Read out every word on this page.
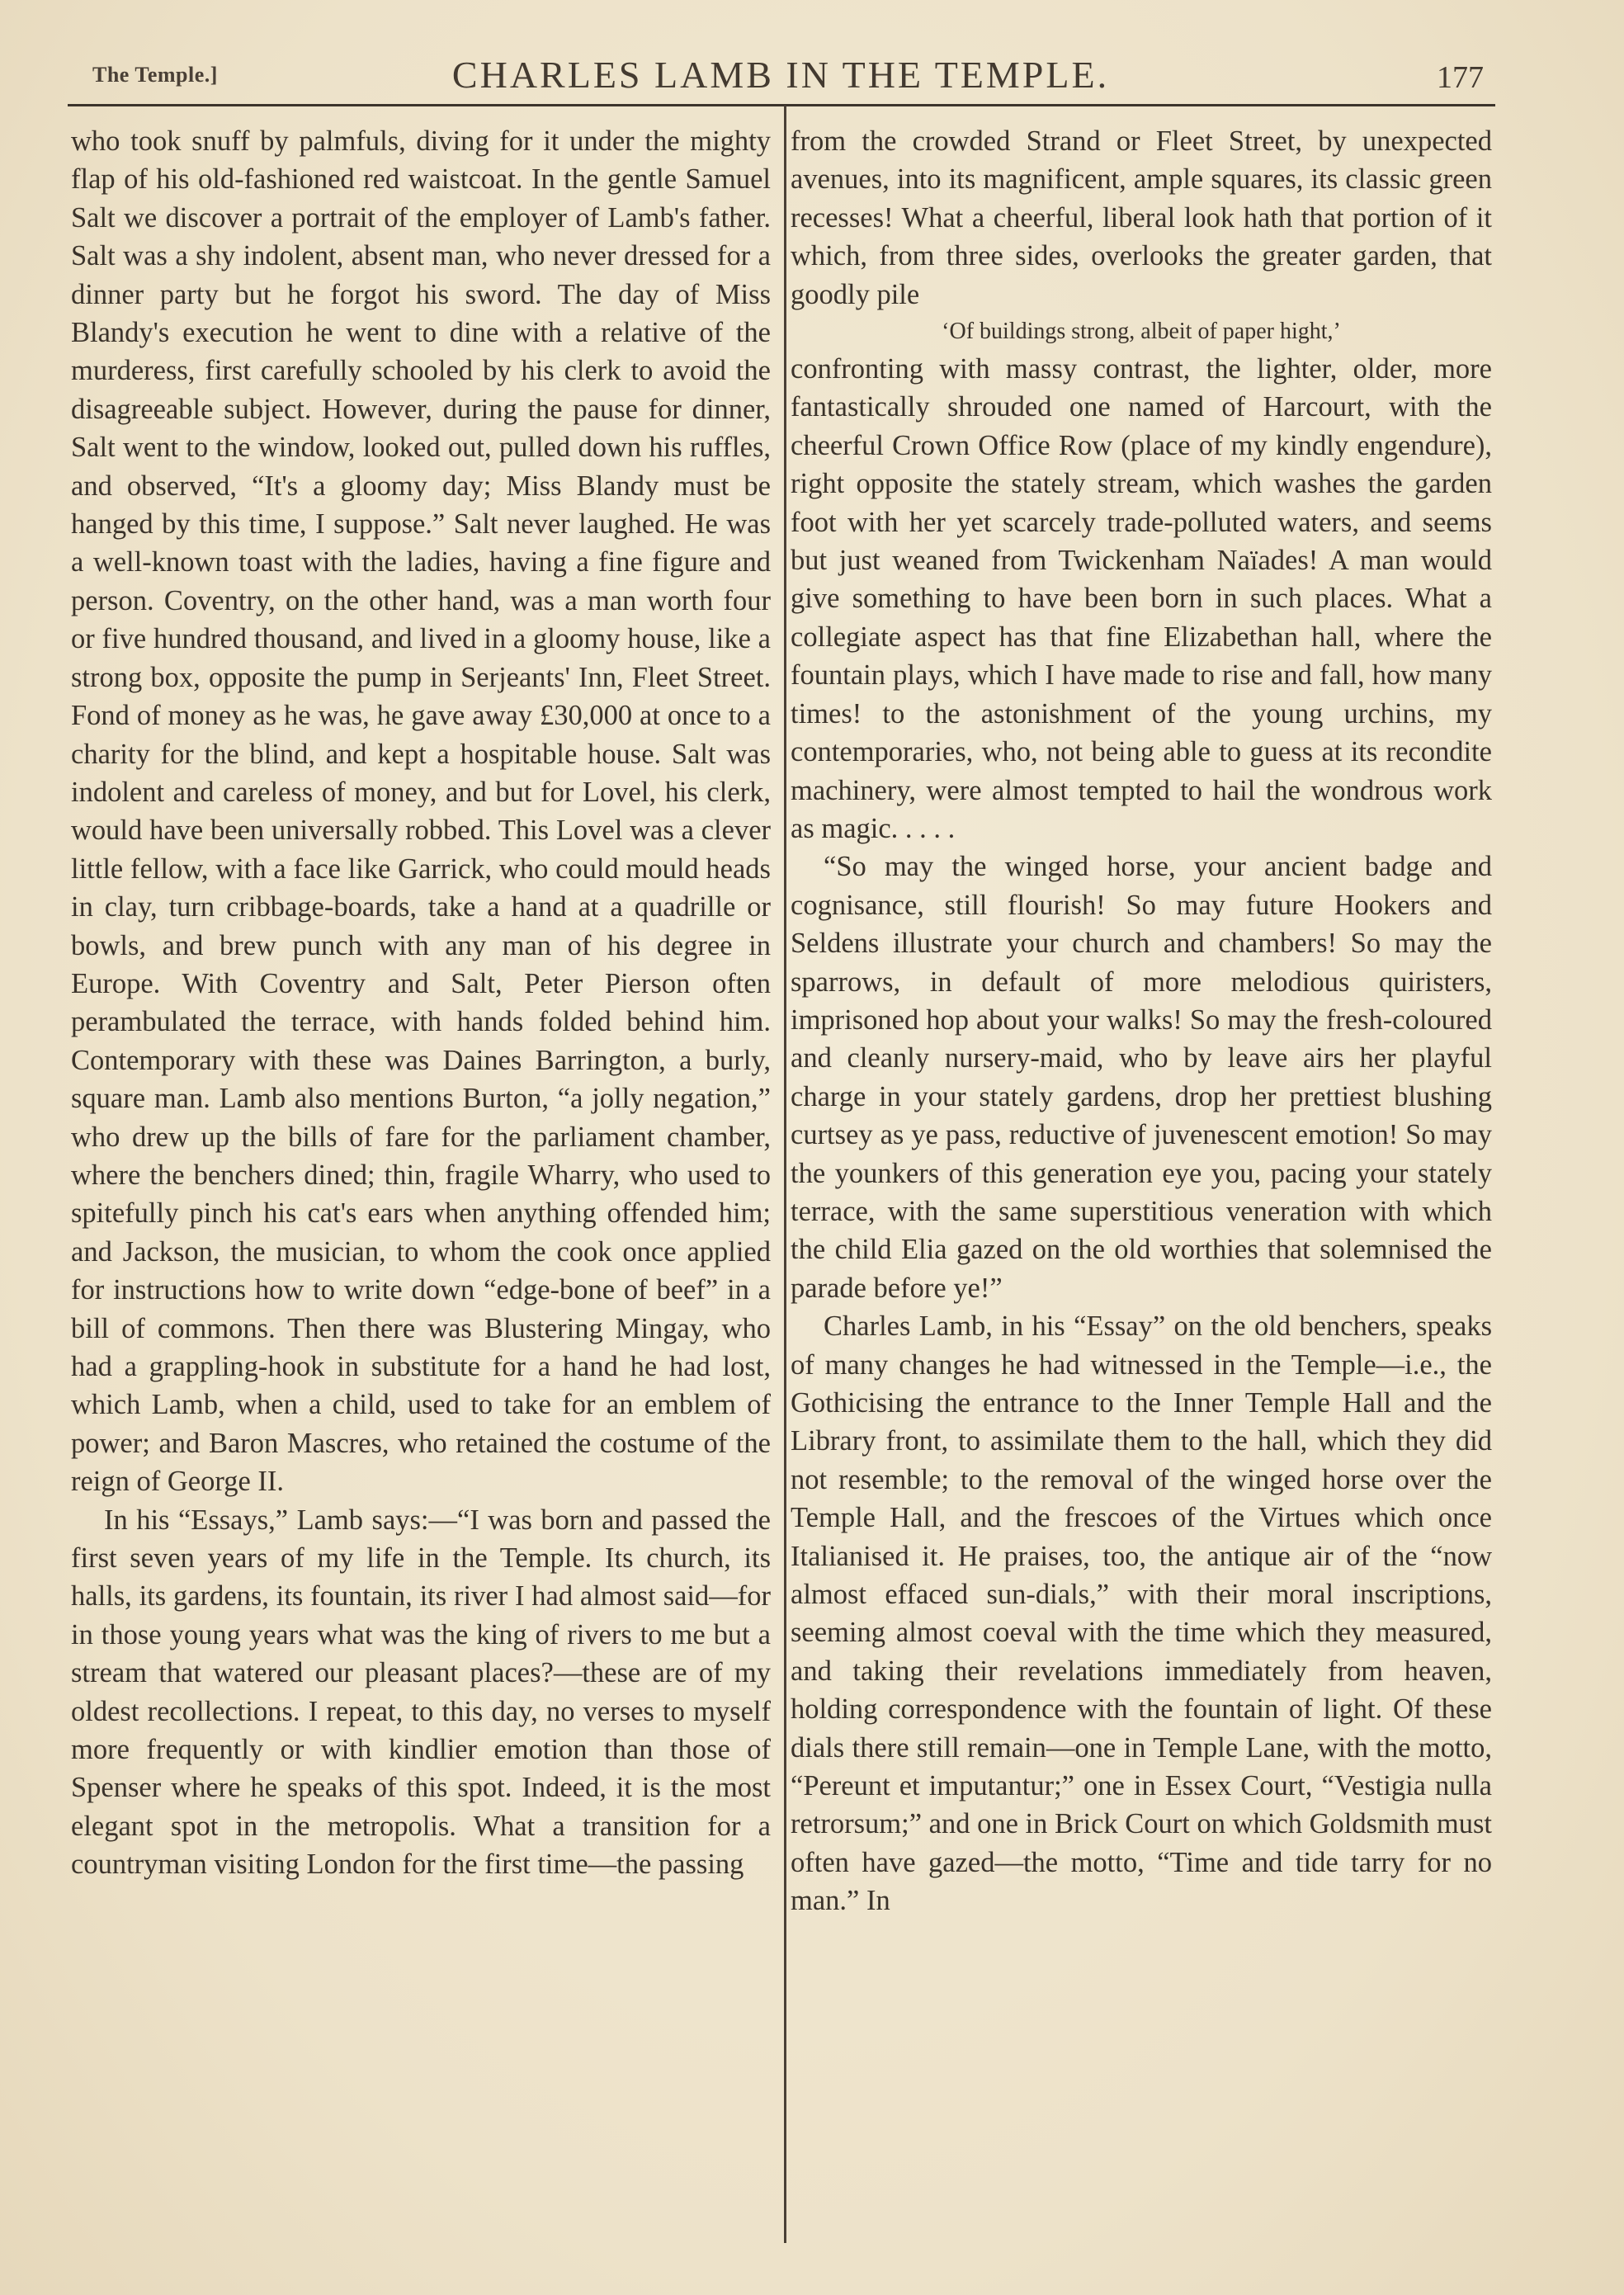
The Temple.]	CHARLES LAMB IN THE TEMPLE.	177

who took snuff by palmfuls, diving for it under the mighty flap of his old-fashioned red waistcoat. In the gentle Samuel Salt we discover a portrait of the employer of Lamb's father. Salt was a shy indolent, absent man, who never dressed for a dinner party but he forgot his sword. The day of Miss Blandy's execution he went to dine with a relative of the murderess, first carefully schooled by his clerk to avoid the disagreeable subject. However, during the pause for dinner, Salt went to the window, looked out, pulled down his ruffles, and observed, “It's a gloomy day; Miss Blandy must be hanged by this time, I suppose.” Salt never laughed. He was a well-known toast with the ladies, having a fine figure and person. Coventry, on the other hand, was a man worth four or five hundred thousand, and lived in a gloomy house, like a strong box, opposite the pump in Serjeants' Inn, Fleet Street. Fond of money as he was, he gave away £30,000 at once to a charity for the blind, and kept a hospitable house. Salt was indolent and careless of money, and but for Lovel, his clerk, would have been universally robbed. This Lovel was a clever little fellow, with a face like Garrick, who could mould heads in clay, turn cribbage-boards, take a hand at a quadrille or bowls, and brew punch with any man of his degree in Europe. With Coventry and Salt, Peter Pierson often perambulated the terrace, with hands folded behind him. Contemporary with these was Daines Barrington, a burly, square man. Lamb also mentions Burton, “a jolly negation,” who drew up the bills of fare for the parliament chamber, where the benchers dined; thin, fragile Wharry, who used to spitefully pinch his cat's ears when anything offended him; and Jackson, the musician, to whom the cook once applied for instructions how to write down “edge-bone of beef” in a bill of commons. Then there was Blustering Mingay, who had a grappling-hook in substitute for a hand he had lost, which Lamb, when a child, used to take for an emblem of power; and Baron Mascres, who retained the costume of the reign of George II.

In his “Essays,” Lamb says:—“I was born and passed the first seven years of my life in the Temple. Its church, its halls, its gardens, its fountain, its river I had almost said—for in those young years what was the king of rivers to me but a stream that watered our pleasant places?—these are of my oldest recollections. I repeat, to this day, no verses to myself more frequently or with kindlier emotion than those of Spenser where he speaks of this spot. Indeed, it is the most elegant spot in the metropolis. What a transition for a countryman visiting London for the first time—the passing

from the crowded Strand or Fleet Street, by unexpected avenues, into its magnificent, ample squares, its classic green recesses! What a cheerful, liberal look hath that portion of it which, from three sides, overlooks the greater garden, that goodly pile

‘Of buildings strong, albeit of paper hight,’

confronting with massy contrast, the lighter, older, more fantastically shrouded one named of Harcourt, with the cheerful Crown Office Row (place of my kindly engendure), right opposite the stately stream, which washes the garden foot with her yet scarcely trade-polluted waters, and seems but just weaned from Twickenham Naïades! A man would give something to have been born in such places. What a collegiate aspect has that fine Elizabethan hall, where the fountain plays, which I have made to rise and fall, how many times! to the astonishment of the young urchins, my contemporaries, who, not being able to guess at its recondite machinery, were almost tempted to hail the wondrous work as magic. . . . .

“So may the winged horse, your ancient badge and cognisance, still flourish! So may future Hookers and Seldens illustrate your church and chambers! So may the sparrows, in default of more melodious quiristers, imprisoned hop about your walks! So may the fresh-coloured and cleanly nursery-maid, who by leave airs her playful charge in your stately gardens, drop her prettiest blushing curtsey as ye pass, reductive of juvenescent emotion! So may the younkers of this generation eye you, pacing your stately terrace, with the same superstitious veneration with which the child Elia gazed on the old worthies that solemnised the parade before ye!”

Charles Lamb, in his “Essay” on the old benchers, speaks of many changes he had witnessed in the Temple—i.e., the Gothicising the entrance to the Inner Temple Hall and the Library front, to assimilate them to the hall, which they did not resemble; to the removal of the winged horse over the Temple Hall, and the frescoes of the Virtues which once Italianised it. He praises, too, the antique air of the “now almost effaced sun-dials,” with their moral inscriptions, seeming almost coeval with the time which they measured, and taking their revelations immediately from heaven, holding correspondence with the fountain of light. Of these dials there still remain—one in Temple Lane, with the motto, “Pereunt et imputantur;” one in Essex Court, “Vestigia nulla retrorsum;” and one in Brick Court on which Goldsmith must often have gazed—the motto, “Time and tide tarry for no man.” In
